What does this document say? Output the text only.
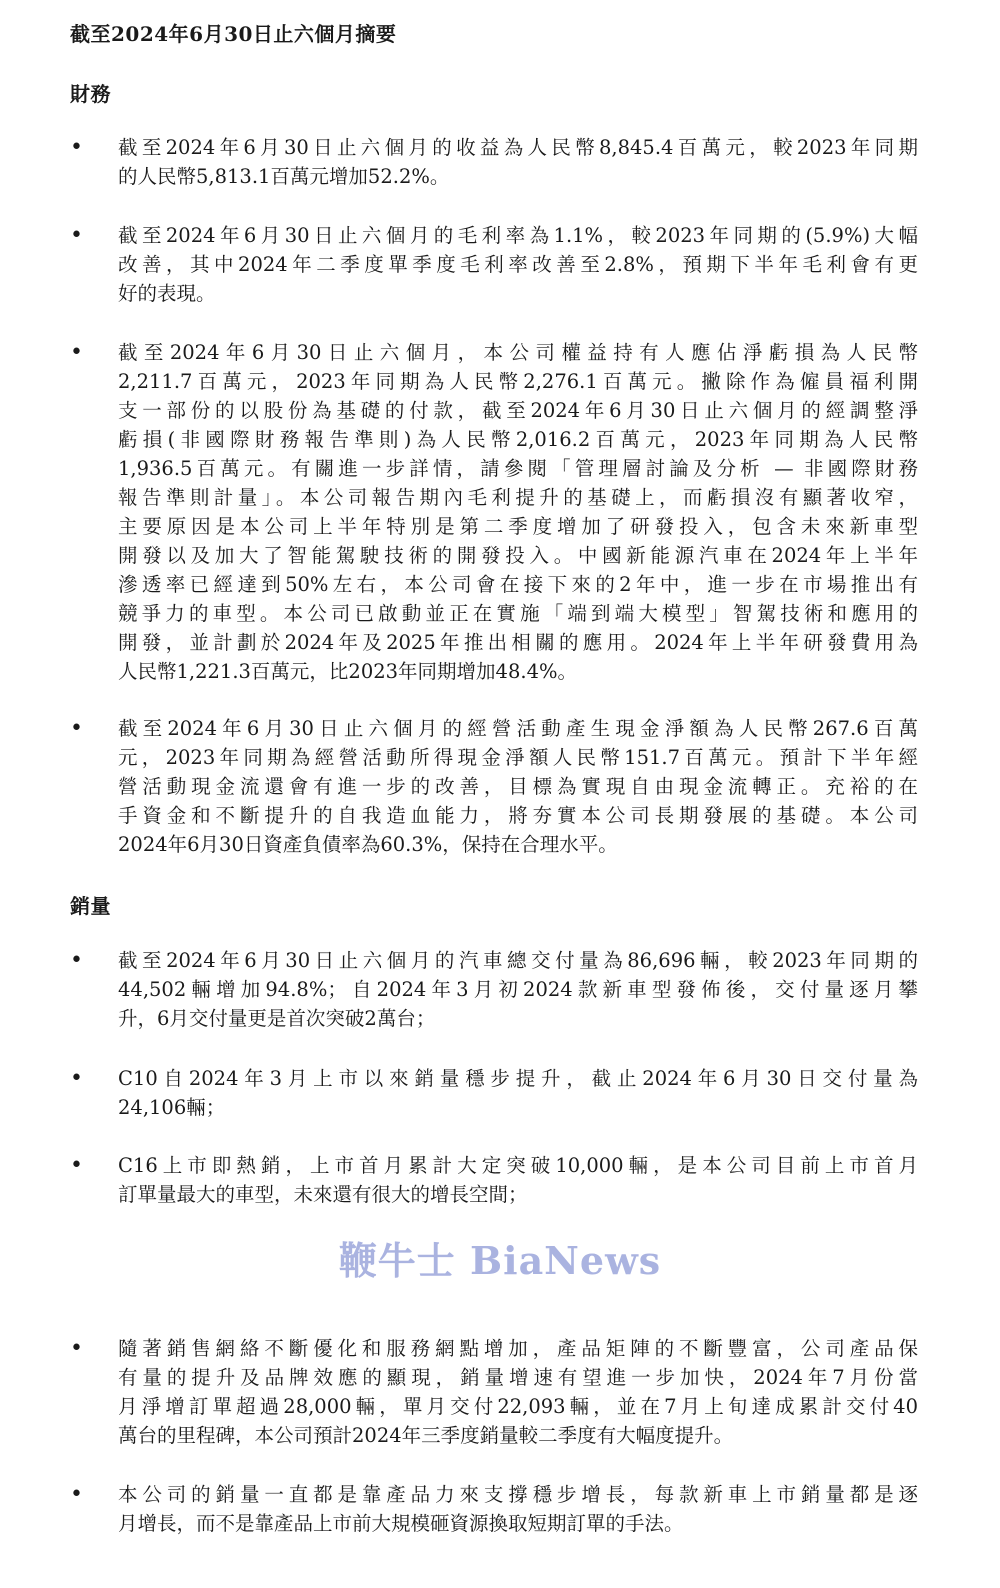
截至2024年6月30日止六個月摘要
財務
• 截至2024年6月30日止六個月的收益為人民幣8,845.4百萬元，較2023年同期
的人民幣5,813.1百萬元增加52.2%。
• 截至2024年6月30日止六個月的毛利率為1.1%，較2023年同期的(5.9%)大幅
改善，其中2024年二季度單季度毛利率改善至2.8%，預期下半年毛利會有更
好的表現。
• 截至2024年6月30日止六個月，本公司權益持有人應佔淨虧損為人民幣
2,211.7百萬元，2023年同期為人民幣2,276.1百萬元。撇除作為僱員福利開
支一部份的以股份為基礎的付款，截至2024年6月30日止六個月的經調整淨
虧損(非國際財務報告準則)為人民幣2,016.2百萬元，2023年同期為人民幣
1,936.5百萬元。有關進一步詳情，請參閱「管理層討論及分析 — 非國際財務
報告準則計量」。本公司報告期內毛利提升的基礎上，而虧損沒有顯著收窄，
主要原因是本公司上半年特別是第二季度增加了研發投入，包含未來新車型
開發以及加大了智能駕駛技術的開發投入。中國新能源汽車在2024年上半年
滲透率已經達到50%左右，本公司會在接下來的2年中，進一步在市場推出有
競爭力的車型。本公司已啟動並正在實施「端到端大模型」智駕技術和應用的
開發，並計劃於2024年及2025年推出相關的應用。2024年上半年研發費用為
人民幣1,221.3百萬元，比2023年同期增加48.4%。
• 截至2024年6月30日止六個月的經營活動產生現金淨額為人民幣267.6百萬
元，2023年同期為經營活動所得現金淨額人民幣151.7百萬元。預計下半年經
營活動現金流還會有進一步的改善，目標為實現自由現金流轉正。充裕的在
手資金和不斷提升的自我造血能力，將夯實本公司長期發展的基礎。本公司
2024年6月30日資產負債率為60.3%，保持在合理水平。
銷量
• 截至2024年6月30日止六個月的汽車總交付量為86,696輛，較2023年同期的
44,502輛增加94.8%；自2024年3月初2024款新車型發佈後，交付量逐月攀
升，6月交付量更是首次突破2萬台；
• C10自2024年3月上市以來銷量穩步提升，截止2024年6月30日交付量為
24,106輛；
• C16上市即熱銷，上市首月累計大定突破10,000輛，是本公司目前上市首月
訂單量最大的車型，未來還有很大的增長空間；
鞭牛士 BiaNews
• 隨著銷售網絡不斷優化和服務網點增加，產品矩陣的不斷豐富，公司產品保
有量的提升及品牌效應的顯現，銷量增速有望進一步加快，2024年7月份當
月淨增訂單超過28,000輛，單月交付22,093輛，並在7月上旬達成累計交付40
萬台的里程碑，本公司預計2024年三季度銷量較二季度有大幅度提升。
• 本公司的銷量一直都是靠產品力來支撐穩步增長，每款新車上市銷量都是逐
月增長，而不是靠產品上市前大規模砸資源換取短期訂單的手法。
